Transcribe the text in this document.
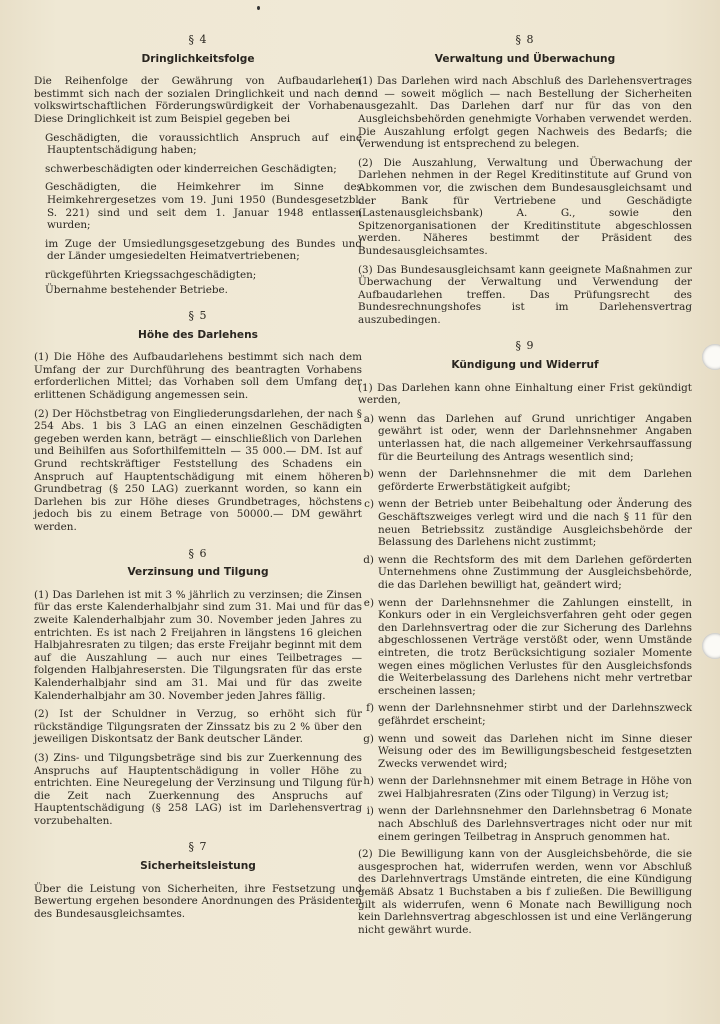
§ 4
Dringlichkeitsfolge

Die Reihenfolge der Gewährung von Aufbaudarlehen bestimmt sich nach der sozialen Dringlichkeit und nach der volkswirtschaftlichen Förderungswürdigkeit der Vorhaben. Diese Dringlichkeit ist zum Beispiel gegeben bei

Geschädigten, die voraussichtlich Anspruch auf eine Hauptentschädigung haben;

schwerbeschädigten oder kinderreichen Geschädigten;

Geschädigten, die Heimkehrer im Sinne des Heimkehrergesetzes vom 19. Juni 1950 (Bundesgesetzbl. S. 221) sind und seit dem 1. Januar 1948 entlassen wurden;

im Zuge der Umsiedlungsgesetzgebung des Bundes und der Länder umgesiedelten Heimatvertriebenen;

rückgeführten Kriegssachgeschädigten;

Übernahme bestehender Betriebe.

§ 5
Höhe des Darlehens

(1) Die Höhe des Aufbaudarlehens bestimmt sich nach dem Umfang der zur Durchführung des beantragten Vorhabens erforderlichen Mittel; das Vorhaben soll dem Umfang der erlittenen Schädigung angemessen sein.

(2) Der Höchstbetrag von Eingliederungsdarlehen, der nach § 254 Abs. 1 bis 3 LAG an einen einzelnen Geschädigten gegeben werden kann, beträgt — einschließlich von Darlehen und Beihilfen aus Soforthilfemitteln — 35 000.— DM. Ist auf Grund rechtskräftiger Feststellung des Schadens ein Anspruch auf Hauptentschädigung mit einem höheren Grundbetrag (§ 250 LAG) zuerkannt worden, so kann ein Darlehen bis zur Höhe dieses Grundbetrages, höchstens jedoch bis zu einem Betrage von 50000.— DM gewährt werden.

§ 6
Verzinsung und Tilgung

(1) Das Darlehen ist mit 3 % jährlich zu verzinsen; die Zinsen für das erste Kalenderhalbjahr sind zum 31. Mai und für das zweite Kalenderhalbjahr zum 30. November jeden Jahres zu entrichten. Es ist nach 2 Freijahren in längstens 16 gleichen Halbjahresraten zu tilgen; das erste Freijahr beginnt mit dem auf die Auszahlung — auch nur eines Teilbetrages — folgenden Halbjahresersten. Die Tilgungsraten für das erste Kalenderhalbjahr sind am 31. Mai und für das zweite Kalenderhalbjahr am 30. November jeden Jahres fällig.

(2) Ist der Schuldner in Verzug, so erhöht sich für rückständige Tilgungsraten der Zinssatz bis zu 2 % über den jeweiligen Diskontsatz der Bank deutscher Länder.

(3) Zins- und Tilgungsbeträge sind bis zur Zuerkennung des Anspruchs auf Hauptentschädigung in voller Höhe zu entrichten. Eine Neuregelung der Verzinsung und Tilgung für die Zeit nach Zuerkennung des Anspruchs auf Hauptentschädigung (§ 258 LAG) ist im Darlehensvertrag vorzubehalten.

§ 7
Sicherheitsleistung

Über die Leistung von Sicherheiten, ihre Festsetzung und Bewertung ergehen besondere Anordnungen des Präsidenten des Bundesausgleichsamtes.

§ 8
Verwaltung und Überwachung

(1) Das Darlehen wird nach Abschluß des Darlehensvertrages und — soweit möglich — nach Bestellung der Sicherheiten ausgezahlt. Das Darlehen darf nur für das von den Ausgleichsbehörden genehmigte Vorhaben verwendet werden. Die Auszahlung erfolgt gegen Nachweis des Bedarfs; die Verwendung ist entsprechend zu belegen.

(2) Die Auszahlung, Verwaltung und Überwachung der Darlehen nehmen in der Regel Kreditinstitute auf Grund von Abkommen vor, die zwischen dem Bundesausgleichsamt und der Bank für Vertriebene und Geschädigte (Lastenausgleichsbank) A. G., sowie den Spitzenorganisationen der Kreditinstitute abgeschlossen werden. Näheres bestimmt der Präsident des Bundesausgleichsamtes.

(3) Das Bundesausgleichsamt kann geeignete Maßnahmen zur Überwachung der Verwaltung und Verwendung der Aufbaudarlehen treffen. Das Prüfungsrecht des Bundesrechnungshofes ist im Darlehensvertrag auszubedingen.

§ 9
Kündigung und Widerruf

(1) Das Darlehen kann ohne Einhaltung einer Frist gekündigt werden,

a) wenn das Darlehen auf Grund unrichtiger Angaben gewährt ist oder, wenn der Darlehnsnehmer Angaben unterlassen hat, die nach allgemeiner Verkehrsauffassung für die Beurteilung des Antrags wesentlich sind;
b) wenn der Darlehnsnehmer die mit dem Darlehen geförderte Erwerbstätigkeit aufgibt;
c) wenn der Betrieb unter Beibehaltung oder Änderung des Geschäftszweiges verlegt wird und die nach § 11 für den neuen Betriebssitz zuständige Ausgleichsbehörde der Belassung des Darlehens nicht zustimmt;
d) wenn die Rechtsform des mit dem Darlehen geförderten Unternehmens ohne Zustimmung der Ausgleichsbehörde, die das Darlehen bewilligt hat, geändert wird;
e) wenn der Darlehnsnehmer die Zahlungen einstellt, in Konkurs oder in ein Vergleichsverfahren geht oder gegen den Darlehnsvertrag oder die zur Sicherung des Darlehns abgeschlossenen Verträge verstößt oder, wenn Umstände eintreten, die trotz Berücksichtigung sozialer Momente wegen eines möglichen Verlustes für den Ausgleichsfonds die Weiterbelassung des Darlehens nicht mehr vertretbar erscheinen lassen;
f) wenn der Darlehnsnehmer stirbt und der Darlehnszweck gefährdet erscheint;
g) wenn und soweit das Darlehen nicht im Sinne dieser Weisung oder des im Bewilligungsbescheid festgesetzten Zwecks verwendet wird;
h) wenn der Darlehnsnehmer mit einem Betrage in Höhe von zwei Halbjahresraten (Zins oder Tilgung) in Verzug ist;
i) wenn der Darlehnsnehmer den Darlehnsbetrag 6 Monate nach Abschluß des Darlehnsvertrages nicht oder nur mit einem geringen Teilbetrag in Anspruch genommen hat.

(2) Die Bewilligung kann von der Ausgleichsbehörde, die sie ausgesprochen hat, widerrufen werden, wenn vor Abschluß des Darlehnvertrags Umstände eintreten, die eine Kündigung gemäß Absatz 1 Buchstaben a bis f zuließen. Die Bewilligung gilt als widerrufen, wenn 6 Monate nach Bewilligung noch kein Darlehnsvertrag abgeschlossen ist und eine Verlängerung nicht gewährt wurde.
